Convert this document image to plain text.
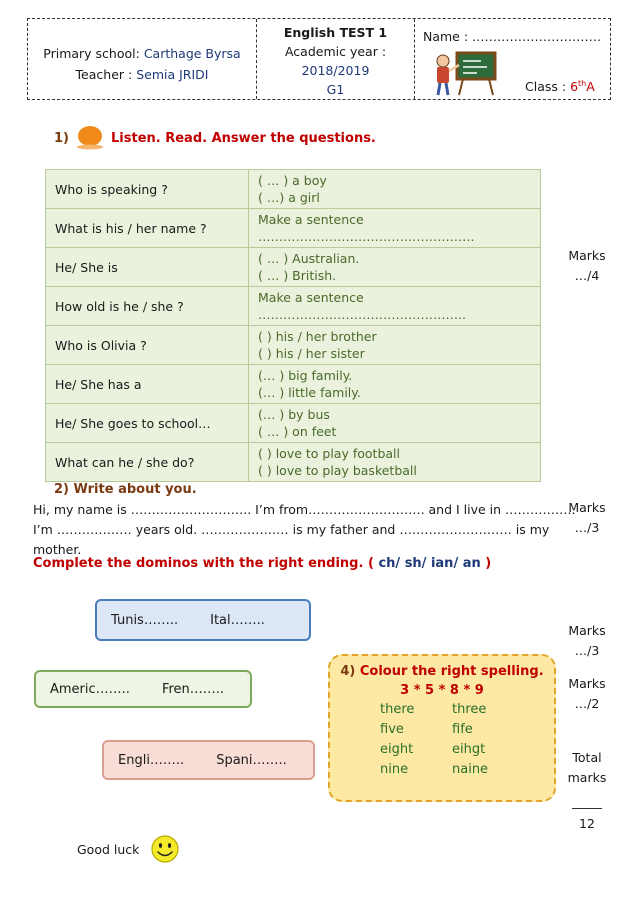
Primary school: Carthage Byrsa
Teacher : Semia JRIDI
English TEST 1
Academic year :
2018/2019
G1
Name : ………………………….
Class : 6thA
1)	Listen. Read. Answer the questions.
Who is speaking ?	( … ) a boy
( …) a girl

What is his / her name ?	Make a sentence
…………………………………………….

He/ She is	( … ) Australian.
( … ) British.

How old is he / she ?	Make a sentence
…………………………………………..

Who is Olivia ?	( ) his / her brother
( ) his / her sister

He/ She has a	(… ) big family.
(… ) little family.

He/ She goes to school…	(… ) by bus
( … ) on feet

What can he / she do?	( ) love to play football
( ) love to play basketball
Marks
…/4
2) Write about you.
Hi, my name is ……………………….. I’m from………………………. and I live in ……………..
I’m ……………… years old. ………………… is my father and ……………………… is my
mother.
Marks
…/3
Complete the dominos with the right ending. ( ch/ sh/ ian/ an )
Tunis…….. Ital……..
Americ…….. Fren……..
Engli…….. Spani……..
Marks
…/3
4) Colour the right spelling.
3 * 5 * 8 * 9
there	three
five	fife
eight	eihgt
nine	naine
Marks
…/2
Total
marks
12
Good luck
